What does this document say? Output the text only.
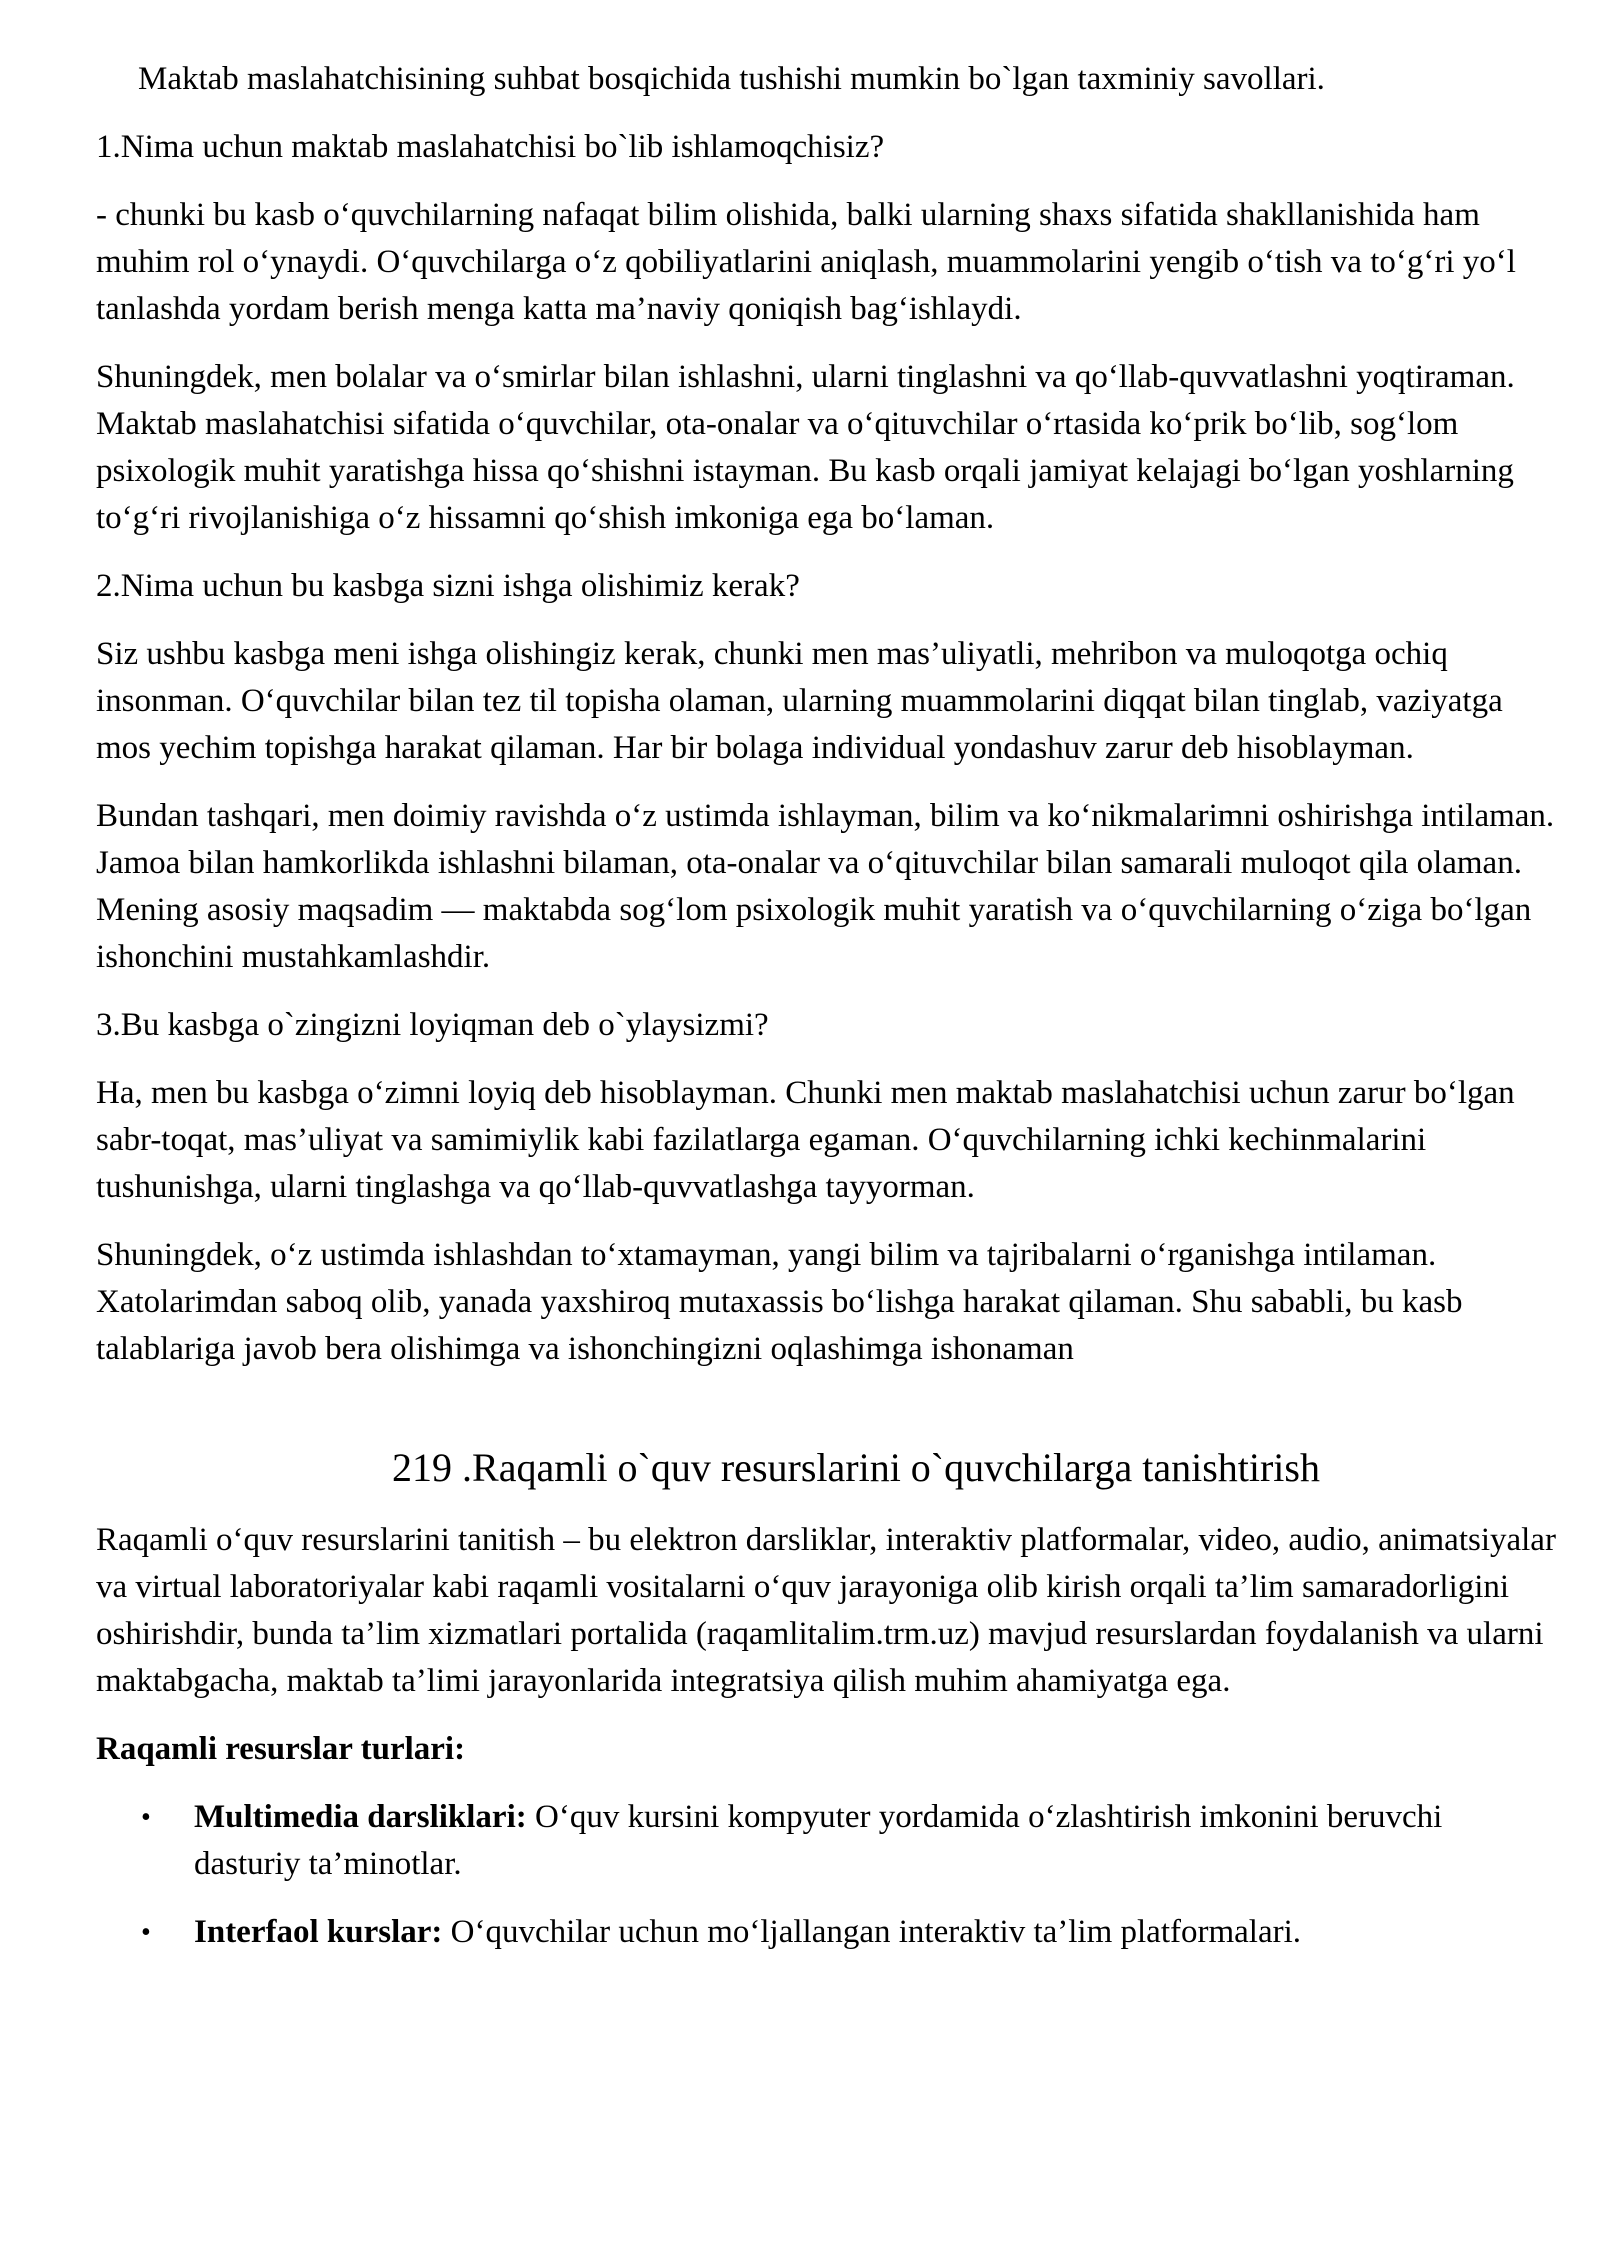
Maktab maslahatchisining suhbat bosqichida tushishi mumkin bo`lgan taxminiy savollari.

1.Nima uchun maktab maslahatchisi bo`lib ishlamoqchisiz?

- chunki bu kasb o‘quvchilarning nafaqat bilim olishida, balki ularning shaxs sifatida shakllanishida ham muhim rol o‘ynaydi. O‘quvchilarga o‘z qobiliyatlarini aniqlash, muammolarini yengib o‘tish va to‘g‘ri yo‘l tanlashda yordam berish menga katta ma’naviy qoniqish bag‘ishlaydi.

Shuningdek, men bolalar va o‘smirlar bilan ishlashni, ularni tinglashni va qo‘llab-quvvatlashni yoqtiraman. Maktab maslahatchisi sifatida o‘quvchilar, ota-onalar va o‘qituvchilar o‘rtasida ko‘prik bo‘lib, sog‘lom psixologik muhit yaratishga hissa qo‘shishni istayman. Bu kasb orqali jamiyat kelajagi bo‘lgan yoshlarning to‘g‘ri rivojlanishiga o‘z hissamni qo‘shish imkoniga ega bo‘laman.

2.Nima uchun bu kasbga sizni ishga olishimiz kerak?

Siz ushbu kasbga meni ishga olishingiz kerak, chunki men mas’uliyatli, mehribon va muloqotga ochiq insonman. O‘quvchilar bilan tez til topisha olaman, ularning muammolarini diqqat bilan tinglab, vaziyatga mos yechim topishga harakat qilaman. Har bir bolaga individual yondashuv zarur deb hisoblayman.

Bundan tashqari, men doimiy ravishda o‘z ustimda ishlayman, bilim va ko‘nikmalarimni oshirishga intilaman. Jamoa bilan hamkorlikda ishlashni bilaman, ota-onalar va o‘qituvchilar bilan samarali muloqot qila olaman. Mening asosiy maqsadim — maktabda sog‘lom psixologik muhit yaratish va o‘quvchilarning o‘ziga bo‘lgan ishonchini mustahkamlashdir.

3.Bu kasbga o`zingizni loyiqman deb o`ylaysizmi?

Ha, men bu kasbga o‘zimni loyiq deb hisoblayman. Chunki men maktab maslahatchisi uchun zarur bo‘lgan sabr-toqat, mas’uliyat va samimiylik kabi fazilatlarga egaman. O‘quvchilarning ichki kechinmalarini tushunishga, ularni tinglashga va qo‘llab-quvvatlashga tayyorman.

Shuningdek, o‘z ustimda ishlashdan to‘xtamayman, yangi bilim va tajribalarni o‘rganishga intilaman. Xatolarimdan saboq olib, yanada yaxshiroq mutaxassis bo‘lishga harakat qilaman. Shu sababli, bu kasb talablariga javob bera olishimga va ishonchingizni oqlashimga ishonaman

219 .Raqamli o`quv resurslarini o`quvchilarga tanishtirish

Raqamli o‘quv resurslarini tanitish – bu elektron darsliklar, interaktiv platformalar, video, audio, animatsiyalar va virtual laboratoriyalar kabi raqamli vositalarni o‘quv jarayoniga olib kirish orqali ta’lim samaradorligini oshirishdir, bunda ta’lim xizmatlari portalida (raqamlitalim.trm.uz) mavjud resurslardan foydalanish va ularni maktabgacha, maktab ta’limi jarayonlarida integratsiya qilish muhim ahamiyatga ega.

Raqamli resurslar turlari:

• Multimedia darsliklari: O‘quv kursini kompyuter yordamida o‘zlashtirish imkonini beruvchi dasturiy ta’minotlar.
• Interfaol kurslar: O‘quvchilar uchun mo‘ljallangan interaktiv ta’lim platformalari.
